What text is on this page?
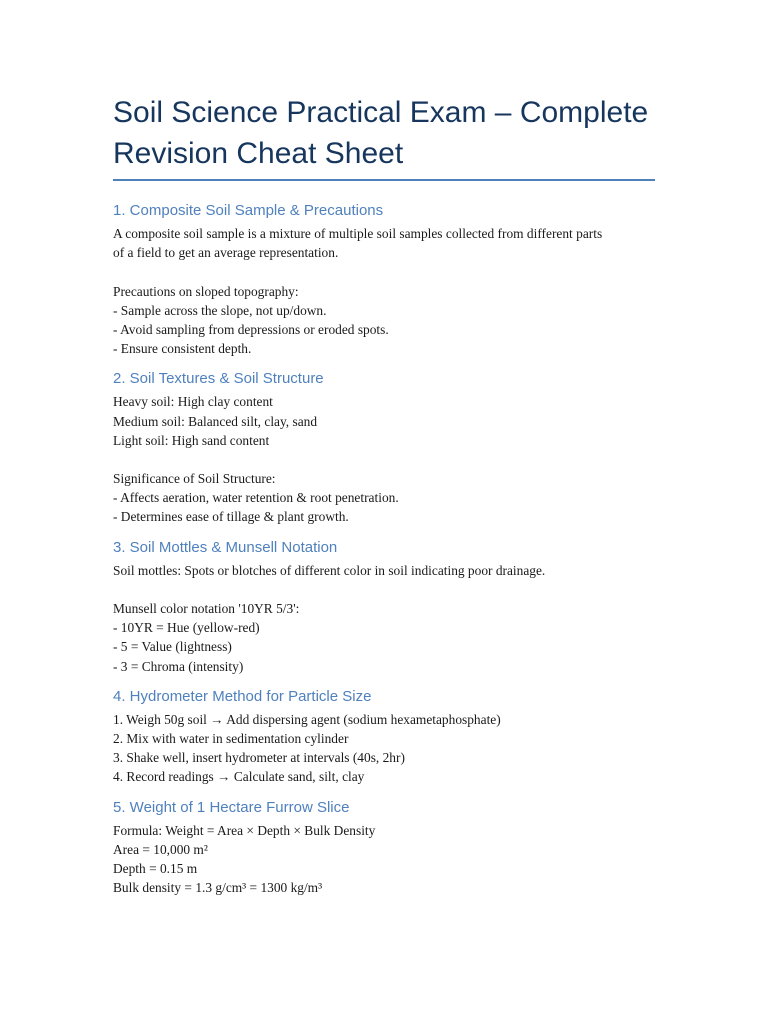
Soil Science Practical Exam – Complete
Revision Cheat Sheet
1. Composite Soil Sample & Precautions
A composite soil sample is a mixture of multiple soil samples collected from different parts
of a field to get an average representation.
Precautions on sloped topography:
- Sample across the slope, not up/down.
- Avoid sampling from depressions or eroded spots.
- Ensure consistent depth.
2. Soil Textures & Soil Structure
Heavy soil: High clay content
Medium soil: Balanced silt, clay, sand
Light soil: High sand content
Significance of Soil Structure:
- Affects aeration, water retention & root penetration.
- Determines ease of tillage & plant growth.
3. Soil Mottles & Munsell Notation
Soil mottles: Spots or blotches of different color in soil indicating poor drainage.
Munsell color notation '10YR 5/3':
- 10YR = Hue (yellow-red)
- 5 = Value (lightness)
- 3 = Chroma (intensity)
4. Hydrometer Method for Particle Size
1. Weigh 50g soil → Add dispersing agent (sodium hexametaphosphate)
2. Mix with water in sedimentation cylinder
3. Shake well, insert hydrometer at intervals (40s, 2hr)
4. Record readings → Calculate sand, silt, clay
5. Weight of 1 Hectare Furrow Slice
Formula: Weight = Area × Depth × Bulk Density
Area = 10,000 m²
Depth = 0.15 m
Bulk density = 1.3 g/cm³ = 1300 kg/m³
